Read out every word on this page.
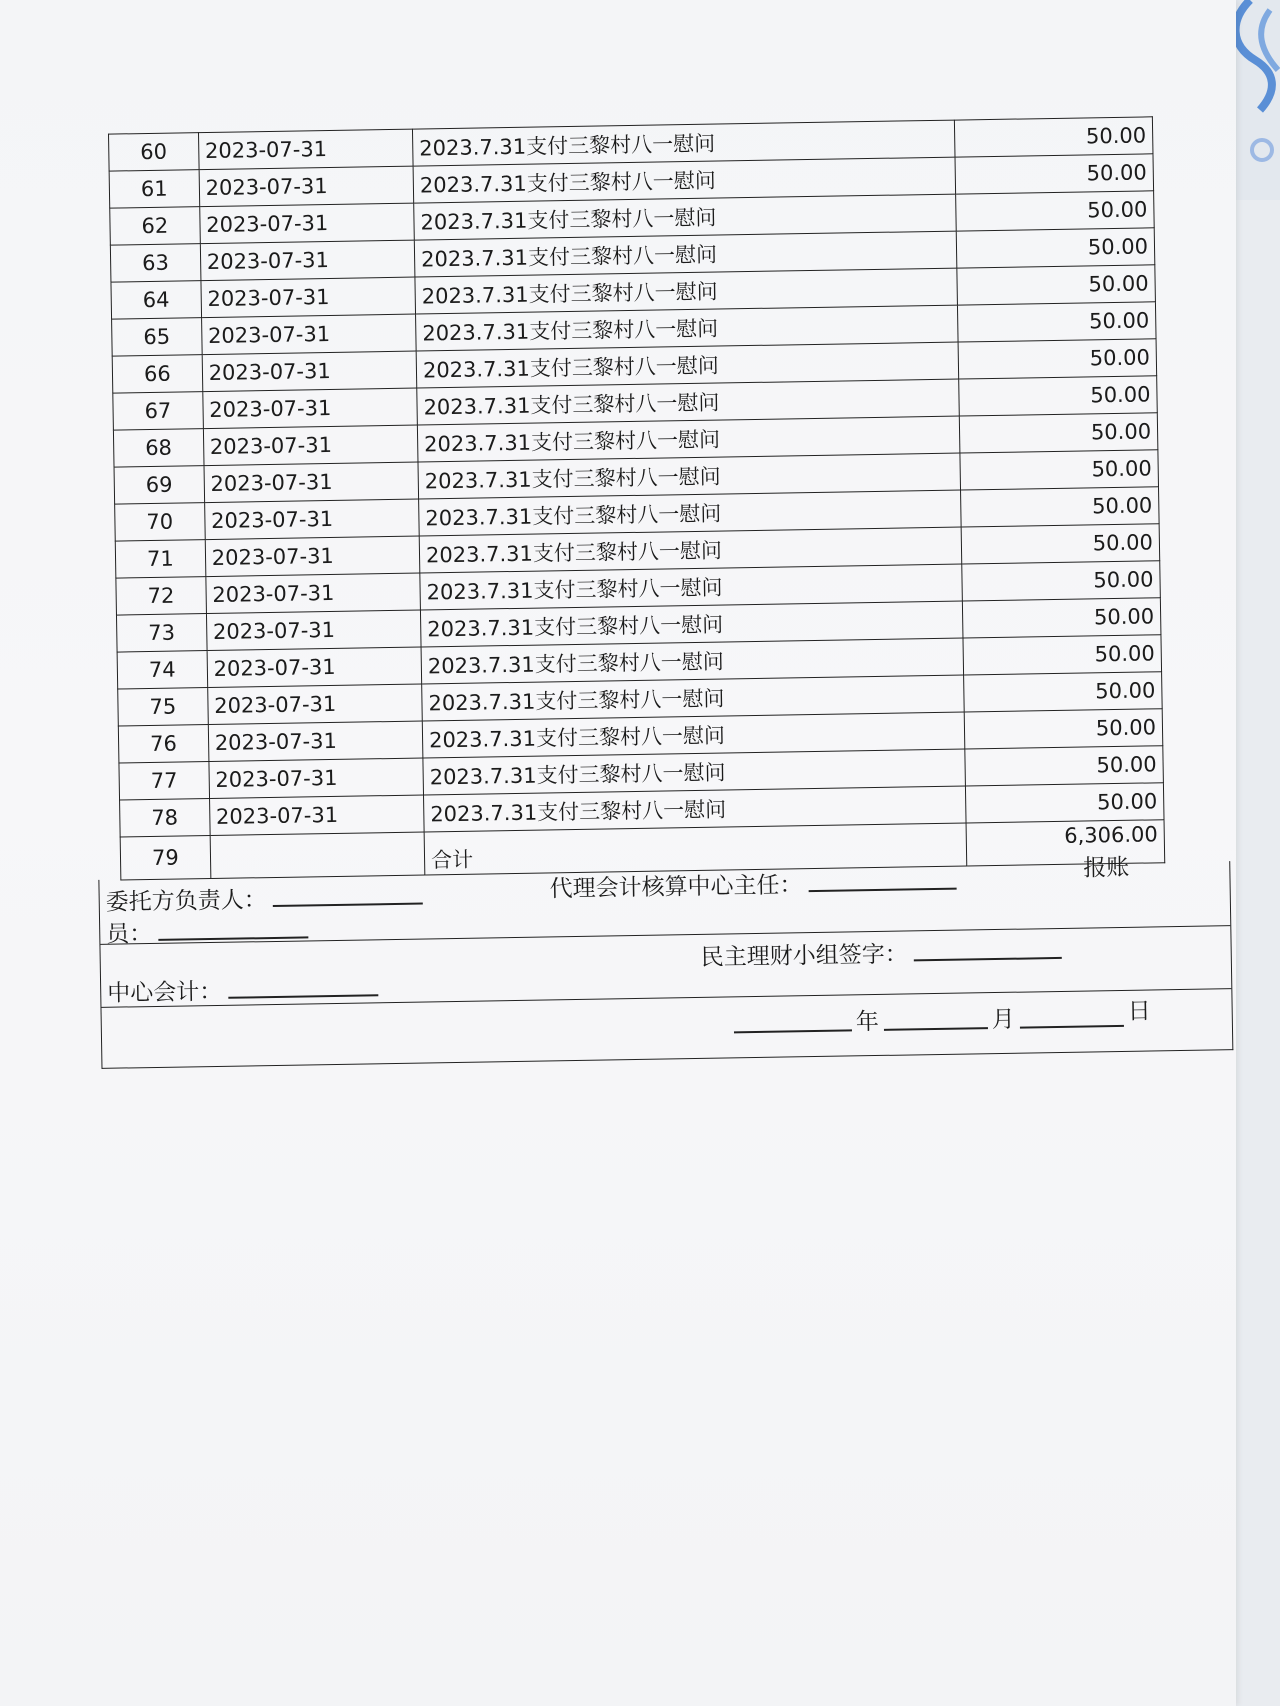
60	2023-07-31	2023.7.31支付三黎村八一慰问	50.00
61	2023-07-31	2023.7.31支付三黎村八一慰问	50.00
62	2023-07-31	2023.7.31支付三黎村八一慰问	50.00
63	2023-07-31	2023.7.31支付三黎村八一慰问	50.00
64	2023-07-31	2023.7.31支付三黎村八一慰问	50.00
65	2023-07-31	2023.7.31支付三黎村八一慰问	50.00
66	2023-07-31	2023.7.31支付三黎村八一慰问	50.00
67	2023-07-31	2023.7.31支付三黎村八一慰问	50.00
68	2023-07-31	2023.7.31支付三黎村八一慰问	50.00
69	2023-07-31	2023.7.31支付三黎村八一慰问	50.00
70	2023-07-31	2023.7.31支付三黎村八一慰问	50.00
71	2023-07-31	2023.7.31支付三黎村八一慰问	50.00
72	2023-07-31	2023.7.31支付三黎村八一慰问	50.00
73	2023-07-31	2023.7.31支付三黎村八一慰问	50.00
74	2023-07-31	2023.7.31支付三黎村八一慰问	50.00
75	2023-07-31	2023.7.31支付三黎村八一慰问	50.00
76	2023-07-31	2023.7.31支付三黎村八一慰问	50.00
77	2023-07-31	2023.7.31支付三黎村八一慰问	50.00
78	2023-07-31	2023.7.31支付三黎村八一慰问	50.00
79		合计	6,306.00
委托方负责人：	代理会计核算中心主任：
报账
员：
民主理财小组签字：
中心会计：
年	月	日
